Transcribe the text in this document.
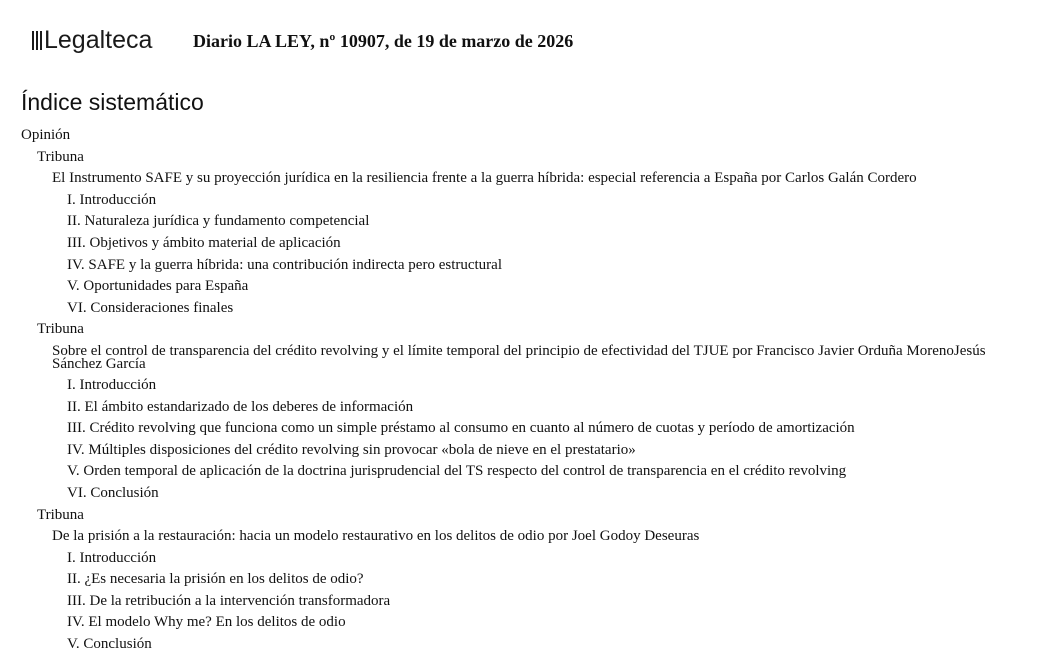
Legalteca Diario LA LEY, nº 10907, de 19 de marzo de 2026
Índice sistemático
Opinión
Tribuna
El Instrumento SAFE y su proyección jurídica en la resiliencia frente a la guerra híbrida: especial referencia a España por Carlos Galán Cordero
I. Introducción
II. Naturaleza jurídica y fundamento competencial
III. Objetivos y ámbito material de aplicación
IV. SAFE y la guerra híbrida: una contribución indirecta pero estructural
V. Oportunidades para España
VI. Consideraciones finales
Tribuna
Sobre el control de transparencia del crédito revolving y el límite temporal del principio de efectividad del TJUE por Francisco Javier Orduña MorenoJesús Sánchez García
I. Introducción
II. El ámbito estandarizado de los deberes de información
III. Crédito revolving que funciona como un simple préstamo al consumo en cuanto al número de cuotas y período de amortización
IV. Múltiples disposiciones del crédito revolving sin provocar «bola de nieve en el prestatario»
V. Orden temporal de aplicación de la doctrina jurisprudencial del TS respecto del control de transparencia en el crédito revolving
VI. Conclusión
Tribuna
De la prisión a la restauración: hacia un modelo restaurativo en los delitos de odio por Joel Godoy Deseuras
I. Introducción
II. ¿Es necesaria la prisión en los delitos de odio?
III. De la retribución a la intervención transformadora
IV. El modelo Why me? En los delitos de odio
V. Conclusión
